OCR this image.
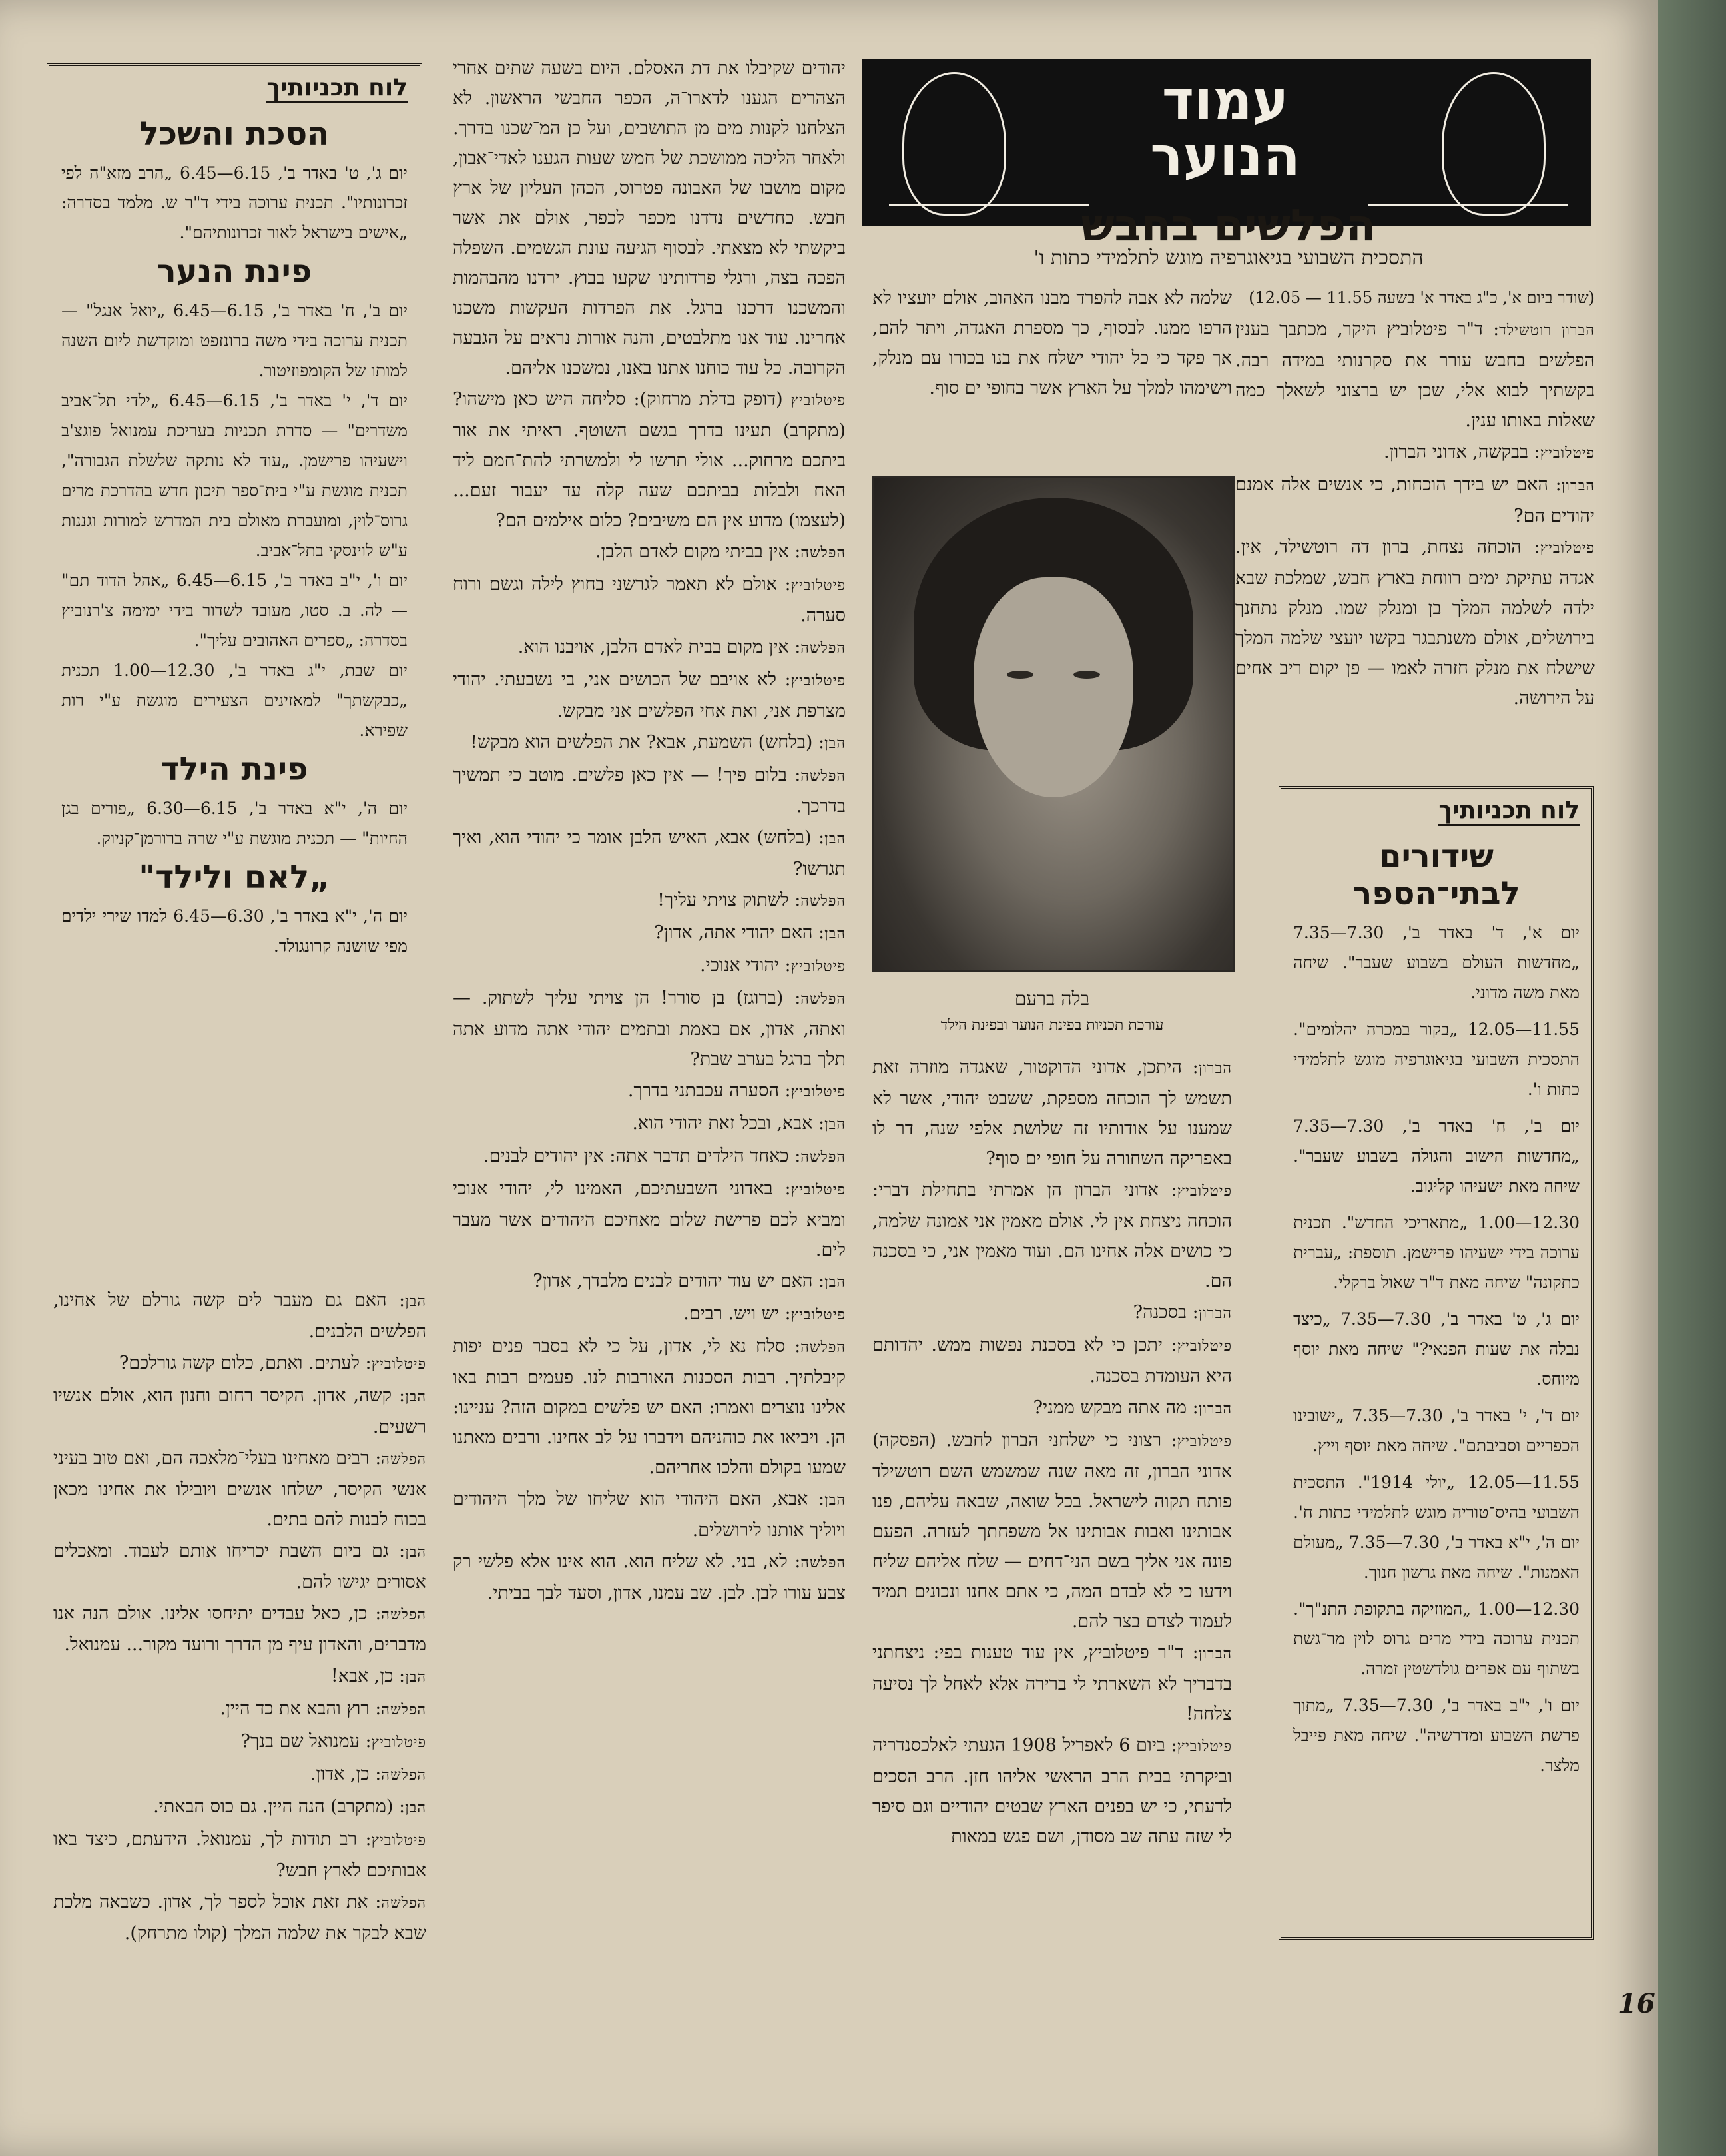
עמוד הנוער
הפלשים בחבש
התסכית השבועי בגיאוגרפיה מוגש לתלמידי כתות ו'

(שודר ביום א', כ"ג באדר א' בשעה 11.55 — 12.05)

הברון רוטשילד: ד"ר פיטלוביץ היקר, מכתבך בענין הפלשים בחבש עורר את סקרנותי במידה רבה. בקשתיך לבוא אלי, שכן יש ברצוני לשאלך כמה שאלות באותו ענין.

פיטלוביץ: בבקשה, אדוני הברון.

הברון: האם יש בידך הוכחות, כי אנשים אלה אמנם יהודים הם?

פיטלוביץ: הוכחה נצחת, ברון דה רוטשילד, אין. אגדה עתיקת ימים רווחת בארץ חבש, שמלכת שבא ילדה לשלמה המלך בן ומנלק שמו. מנלק נתחנך בירושלים, אולם משנתבגר בקשו יועצי שלמה המלך שישלח את מנלק חזרה לאמו — פן יקום ריב אחים על הירושה.

שלמה לא אבה להפרד מבנו האהוב, אולם יועציו לא הרפו ממנו. לבסוף, כך מספרת האגדה, ויתר להם, אך פקד כי כל יהודי ישלח את בנו בכורו עם מנלק, וישימהו למלך על הארץ אשר בחופי ים סוף.

בלה ברעם
עורכת תכניות בפינת הנוער ובפינת הילד

הברון: היתכן, אדוני הדוקטור, שאגדה מוזרה זאת תשמש לך הוכחה מספקת, ששבט יהודי, אשר לא שמענו על אודותיו זה שלושת אלפי שנה, דר לו באפריקה השחורה על חופי ים סוף?

פיטלוביץ: אדוני הברון הן אמרתי בתחילת דברי: הוכחה ניצחת אין לי. אולם מאמין אני אמונה שלמה, כי כושים אלה אחינו הם. ועוד מאמין אני, כי בסכנה הם.

הברון: בסכנה?

פיטלוביץ: יתכן כי לא בסכנת נפשות ממש. יהדותם היא העומדת בסכנה.

הברון: מה אתה מבקש ממני?

פיטלוביץ: רצוני כי ישלחני הברון לחבש. (הפסקה) אדוני הברון, זה מאה שנה שמשמש השם רוטשילד פותח תקוה לישראל. בכל שואה, שבאה עליהם, פנו אבותינו ואבות אבותינו אל משפחתך לעזרה. הפעם פונה אני אליך בשם הני־דחים — שלח אליהם שליח וידעו כי לא לבדם המה, כי אתם אחנו ונכונים תמיד לעמוד לצדם בצר להם.

הברון: ד"ר פיטלוביץ, אין עוד טענות בפי: ניצחתני בדבריך לא השארתי לי ברירה אלא לאחל לך נסיעה צלחה!

פיטלוביץ: ביום 6 לאפריל 1908 הגעתי לאלכסנדריה וביקרתי בבית הרב הראשי אליהו חזן. הרב הסכים לדעתי, כי יש בפנים הארץ שבטים יהודיים וגם סיפר לי שזה עתה שב מסודן, ושם פגש במאות

לוח תכניותיך
שידורים לבתי־הספר

יום א', ד' באדר ב', 7.30—7.35 „מחדשות העולם בשבוע שעבר". שיחה מאת משה מדוני.

11.55—12.05 „בקור במכרה יהלומים". התסכית השבועי בגיאוגרפיה מוגש לתלמידי כתות ו'.

יום ב', ח' באדר ב', 7.30—7.35 „מחדשות הישוב והגולה בשבוע שעבר". שיחה מאת ישעיהו קליגוב.

12.30—1.00 „מתאריכי החדש". תכנית ערוכה בידי ישעיהו פרישמן. תוספת: „עברית כתקונה" שיחה מאת ד"ר שאול ברקלי.

יום ג', ט' באדר ב', 7.30—7.35 „כיצד נבלה את שעות הפנאי?" שיחה מאת יוסף מיוחס.

יום ד', י' באדר ב', 7.30—7.35 „ישובינו הכפריים וסביבתם". שיחה מאת יוסף וייץ.

11.55—12.05 „יולי 1914". התסכית השבועי בהיס־טוריה מוגש לתלמידי כתות ח'. יום ה', י"א באדר ב', 7.30—7.35 „מעולם האמנות". שיחה מאת גרשון חנוך.

12.30—1.00 „המוזיקה בתקופת התנ"ך". תכנית ערוכה בידי מרים גרוס לוין מר־גשת בשתוף עם אפרים גולדשטין זמרה.

יום ו', י"ב באדר ב', 7.30—7.35 „מתוך פרשת השבוע ומדרשיה". שיחה מאת פייבל מלצר.

יהודים שקיבלו את דת האסלם. היום בשעה שתים אחרי הצהרים הגענו לדארו־ה, הכפר החבשי הראשון. לא הצלחנו לקנות מים מן התושבים, ועל כן המ־שכנו בדרך. ולאחר הליכה ממושכת של חמש שעות הגענו לאדי־אבון, מקום מושבו של האבונה פטרוס, הכהן העליון של ארץ חבש. כחדשים נדדנו מכפר לכפר, אולם את אשר ביקשתי לא מצאתי. לבסוף הגיעה עונת הגשמים. השפלה הפכה בצה, ורגלי פרדותינו שקעו בבוץ. ירדנו מהבהמות והמשכנו דרכנו ברגל. את הפרדות העקשות משכנו אחרינו. עוד אנו מתלבטים, והנה אורות נראים על הגבעה הקרובה. כל עוד כוחנו אתנו באנו, נמשכנו אליהם.

פיטלוביץ (דופק בדלת מרחוק): סליחה היש כאן מישהו? (מתקרב) תעינו בדרך בגשם השוטף. ראיתי את אור ביתכם מרחוק... אולי תרשו לי ולמשרתי להת־חמם ליד האח ולבלות בביתכם שעה קלה עד יעבור זעם... (לעצמו) מדוע אין הם משיבים? כלום אילמים הם?

הפלשה: אין בביתי מקום לאדם הלבן.

פיטלוביץ: אולם לא תאמר לגרשני בחוץ לילה וגשם ורוח סערה.

הפלשה: אין מקום בבית לאדם הלבן, אויבנו הוא.

פיטלוביץ: לא אויבם של הכושים אני, בי נשבעתי. יהודי מצרפת אני, ואת אחי הפלשים אני מבקש.

הבן: (בלחש) השמעת, אבא? את הפלשים הוא מבקש!

הפלשה: בלום פיך! — אין כאן פלשים. מוטב כי תמשיך בדרכך.

הבן: (בלחש) אבא, האיש הלבן אומר כי יהודי הוא, ואיך תגרשו?

הפלשה: לשתוק צויתי עליך!

הבן: האם יהודי אתה, אדון?

פיטלוביץ: יהודי אנוכי.

הפלשה: (ברוגז) בן סורר! הן צויתי עליך לשתוק. — ואתה, אדון, אם באמת ובתמים יהודי אתה מדוע אתה תלך ברגל בערב שבת?

פיטלוביץ: הסערה עכבתני בדרך.

הבן: אבא, ובכל זאת יהודי הוא.

הפלשה: כאחד הילדים תדבר אתה: אין יהודים לבנים.

פיטלוביץ: באדוני השבעתיכם, האמינו לי, יהודי אנוכי ומביא לכם פרישת שלום מאחיכם היהודים אשר מעבר לים.

הבן: האם יש עוד יהודים לבנים מלבדך, אדון?

פיטלוביץ: יש ויש. רבים.

הפלשה: סלח נא לי, אדון, על כי לא בסבר פנים יפות קיבלתיך. רבות הסכנות האורבות לנו. פעמים רבות באו אלינו נוצרים ואמרו: האם יש פלשים במקום הזה? עניינו: הן. ויביאו את כוהניהם וידברו על לב אחינו. ורבים מאתנו שמעו בקולם והלכו אחריהם.

הבן: אבא, האם היהודי הוא שליחו של מלך היהודים ויוליך אותנו לירושלים.

הפלשה: לא, בני. לא שליח הוא. הוא אינו אלא פלשי רק צבע עורו לבן. לבן. שב עמנו, אדון, וסעד לבך בביתי.

לוח תכניותיך
הסכת והשכל

יום ג', ט' באדר ב', 6.15—6.45 „הרב מזא"ה לפי זכרונותיו". תכנית ערוכה בידי ד"ר ש. מלמד בסדרה: „אישים בישראל לאור זכרונותיהם".

פינת הנער

יום ב', ח' באדר ב', 6.15—6.45 „יואל אנגל" — תכנית ערוכה בידי משה ברונזפט ומוקדשת ליום השנה למותו של הקומפוזיטור.

יום ד', י' באדר ב', 6.15—6.45 „ילדי תל־אביב משדרים" — סדרת תכניות בעריכת עמנואל פוגצ'ב וישעיהו פרישמן. „עוד לא נותקה שלשלת הגבורה", תכנית מוגשת ע"י בית־ספר תיכון חדש בהדרכת מרים גרוס־לוין, ומועברת מאולם בית המדרש למורות וגננות ע"ש לוינסקי בתל־אביב.

יום ו', י"ב באדר ב', 6.15—6.45 „אהל הדוד תם" — לה. ב. סטו, מעובד לשדור בידי ימימה צ'רנוביץ בסדרה: „ספרים האהובים עליך".

יום שבת, י"ג באדר ב', 12.30—1.00 תכנית „כבקשתך" למאזינים הצעירים מוגשת ע"י רות שפירא.

פינת הילד

יום ה', י"א באדר ב', 6.15—6.30 „פורים בגן החיות" — תכנית מוגשת ע"י שרה ברורמן־קניוק.

„לאם ולילד"

יום ה', י"א באדר ב', 6.30—6.45 למדו שירי ילדים מפי שושנה קרונגולד.

הבן: האם גם מעבר לים קשה גורלם של אחינו, הפלשים הלבנים.

פיטלוביץ: לעתים. ואתם, כלום קשה גורלכם?

הבן: קשה, אדון. הקיסר רחום וחנון הוא, אולם אנשיו רשעים.

הפלשה: רבים מאחינו בעלי־מלאכה הם, ואם טוב בעיני אנשי הקיסר, ישלחו אנשים ויובילו את אחינו מכאן בכוח לבנות להם בתים.

הבן: גם ביום השבת יכריחו אותם לעבוד. ומאכלים אסורים יגישו להם.

הפלשה: כן, כאל עבדים יתיחסו אלינו. אולם הנה אנו מדברים, והאדון עיף מן הדרך ורועד מקור... עמנואל.

הבן: כן, אבא!

הפלשה: רוץ והבא את כד היין.

פיטלוביץ: עמנואל שם בנך?

הפלשה: כן, אדון.

הבן: (מתקרב) הנה היין. גם כוס הבאתי.

פיטלוביץ: רב תודות לך, עמנואל. הידעתם, כיצד באו אבותיכם לארץ חבש?

הפלשה: את זאת אוכל לספר לך, אדון. כשבאה מלכת שבא לבקר את שלמה המלך (קולו מתרחק).

16
